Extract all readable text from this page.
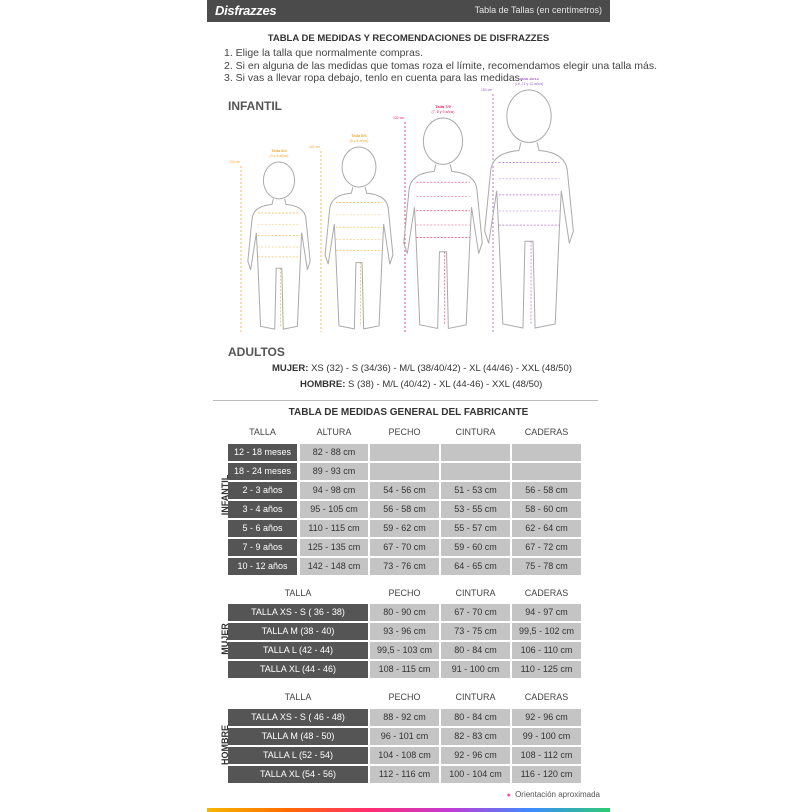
Disfrazzes	Tabla de Tallas (en centímetros)
TABLA DE MEDIDAS Y RECOMENDACIONES DE DISFRAZZES
1. Elige la talla que normalmente compras.
2. Si en alguna de las medidas que tomas roza el límite, recomendamos elegir una talla más.
3. Si vas a llevar ropa debajo, tenlo en cuenta para las medidas.
INFANTIL
104 cm
Talla 3/4
(3 y 4 años)
116 cm
Talla 5/6
(5 y 6 años)
132 cm
Talla 7/9
(7, 8 y 9 años)
150 cm
Talla 10/12
(10, 11 y 12 años)
ADULTOS
MUJER: XS (32) - S (34/36) - M/L (38/40/42) - XL (44/46) - XXL (48/50)
HOMBRE: S (38) - M/L (40/42) - XL (44-46) - XXL (48/50)
TABLA DE MEDIDAS GENERAL DEL FABRICANTE
TALLA	ALTURA	PECHO	CINTURA	CADERAS
12 - 18 meses	82 - 88 cm
18 - 24 meses	89 - 93 cm
2 - 3 años	94 - 98 cm	54 - 56 cm	51 - 53 cm	56 - 58 cm
3 - 4 años	95 - 105 cm	56 - 58 cm	53 - 55 cm	58 - 60 cm
5 - 6 años	110 - 115 cm	59 - 62 cm	55 - 57 cm	62 - 64 cm
7 - 9 años	125 - 135 cm	67 - 70 cm	59 - 60 cm	67 - 72 cm
10 - 12 años	142 - 148 cm	73 - 76 cm	64 - 65 cm	75 - 78 cm
INFANTIL
TALLA	PECHO	CINTURA	CADERAS
TALLA XS - S ( 36 - 38)	80 - 90 cm	67 - 70 cm	94 - 97 cm
TALLA M (38 - 40)	93 - 96 cm	73 - 75 cm	99,5 - 102 cm
TALLA L (42 - 44)	99,5 - 103 cm	80 - 84 cm	106 - 110 cm
TALLA XL (44 - 46)	108 - 115 cm	91 - 100 cm	110 - 125 cm
MUJER
TALLA	PECHO	CINTURA	CADERAS
TALLA XS - S ( 46 - 48)	88 - 92 cm	80 - 84 cm	92 - 96 cm
TALLA M (48 - 50)	96 - 101 cm	82 - 83 cm	99 - 100 cm
TALLA L (52 - 54)	104 - 108 cm	92 - 96 cm	108 - 112 cm
TALLA XL (54 - 56)	112 - 116 cm	100 - 104 cm	116 - 120 cm
HOMBRE
● Orientación aproximada
